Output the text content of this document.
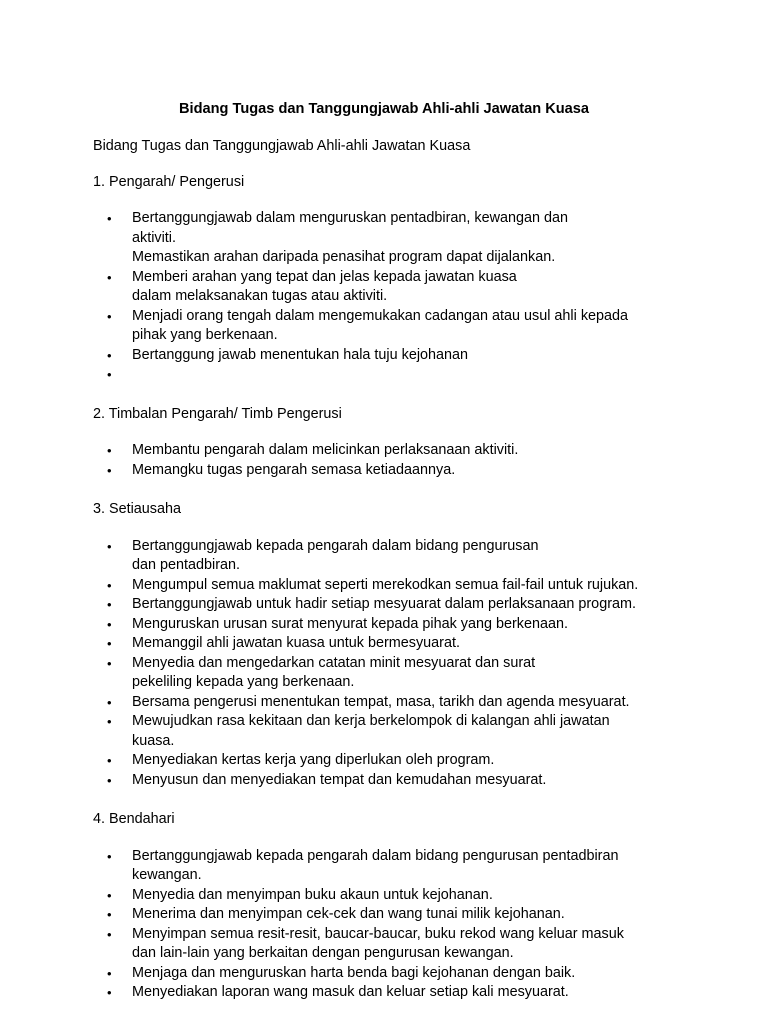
Bidang Tugas dan Tanggungjawab Ahli-ahli Jawatan Kuasa

Bidang Tugas dan Tanggungjawab Ahli-ahli Jawatan Kuasa

1. Pengarah/ Pengerusi

• Bertanggungjawab dalam menguruskan pentadbiran, kewangan dan
aktiviti.
Memastikan arahan daripada penasihat program dapat dijalankan.
• Memberi arahan yang tepat dan jelas kepada jawatan kuasa
dalam melaksanakan tugas atau aktiviti.
• Menjadi orang tengah dalam mengemukakan cadangan atau usul ahli kepada
pihak yang berkenaan.
• Bertanggung jawab menentukan hala tuju kejohanan
•

2. Timbalan Pengarah/ Timb Pengerusi

• Membantu pengarah dalam melicinkan perlaksanaan aktiviti.
• Memangku tugas pengarah semasa ketiadaannya.

3. Setiausaha

• Bertanggungjawab kepada pengarah dalam bidang pengurusan
dan pentadbiran.
• Mengumpul semua maklumat seperti merekodkan semua fail-fail untuk rujukan.
• Bertanggungjawab untuk hadir setiap mesyuarat dalam perlaksanaan program.
• Menguruskan urusan surat menyurat kepada pihak yang berkenaan.
• Memanggil ahli jawatan kuasa untuk bermesyuarat.
• Menyedia dan mengedarkan catatan minit mesyuarat dan surat
pekeliling kepada yang berkenaan.
• Bersama pengerusi menentukan tempat, masa, tarikh dan agenda mesyuarat.
• Mewujudkan rasa kekitaan dan kerja berkelompok di kalangan ahli jawatan
kuasa.
• Menyediakan kertas kerja yang diperlukan oleh program.
• Menyusun dan menyediakan tempat dan kemudahan mesyuarat.

4. Bendahari

• Bertanggungjawab kepada pengarah dalam bidang pengurusan pentadbiran
kewangan.
• Menyedia dan menyimpan buku akaun untuk kejohanan.
• Menerima dan menyimpan cek-cek dan wang tunai milik kejohanan.
• Menyimpan semua resit-resit, baucar-baucar, buku rekod wang keluar masuk
dan lain-lain yang berkaitan dengan pengurusan kewangan.
• Menjaga dan menguruskan harta benda bagi kejohanan dengan baik.
• Menyediakan laporan wang masuk dan keluar setiap kali mesyuarat.
